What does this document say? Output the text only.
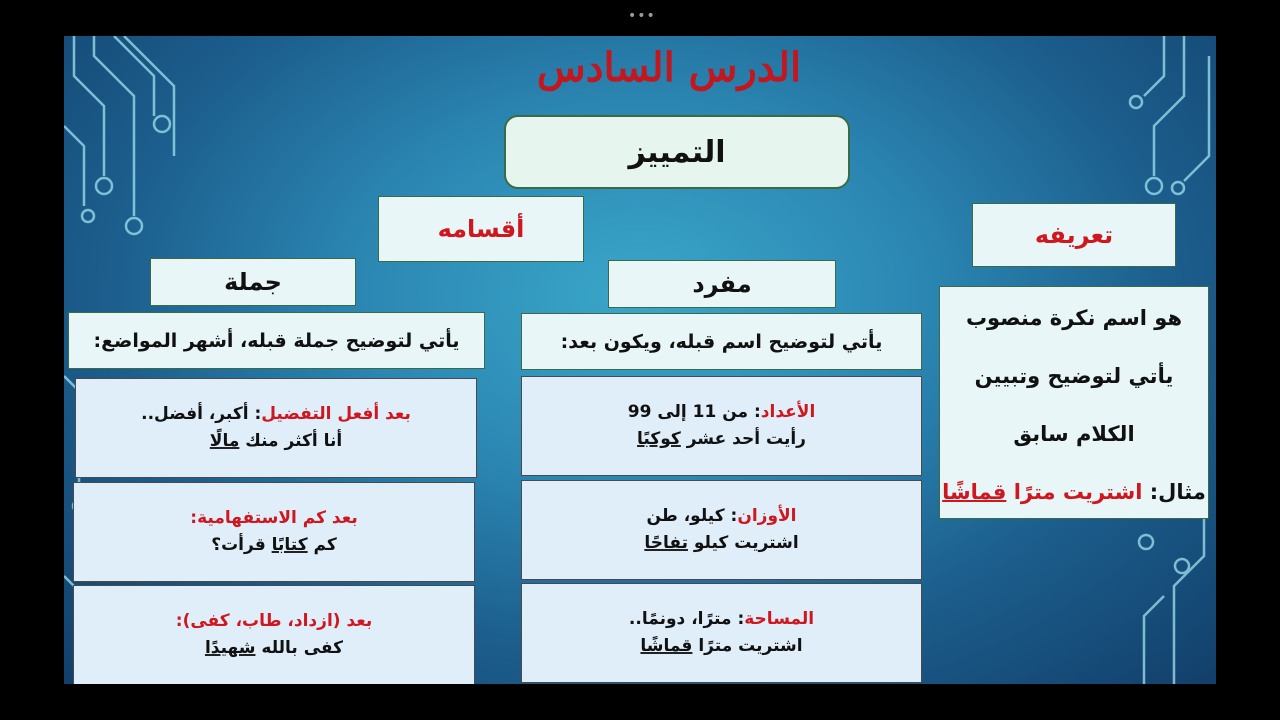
•••
الدرس السادس
التمييز
أقسامه	تعريفه
جملة	مفرد
هو اسم نكرة منصوب
يأتي لتوضيح وتبيين
الكلام سابق
مثال: اشتريت مترًا قماشًا
يأتي لتوضيح جملة قبله، أشهر المواضع:	يأتي لتوضيح اسم قبله، ويكون بعد:
الأعداد: من 11 إلى 99
رأيت أحد عشر كوكبًا
الأوزان: كيلو، طن
اشتريت كيلو تفاحًا
المساحة: مترًا، دونمًا..
اشتريت مترًا قماشًا
بعد أفعل التفضيل: أكبر، أفضل..
أنا أكثر منك مالًا
بعد كم الاستفهامية:
كم كتابًا قرأت؟
بعد (ازداد، طاب، كفى):
كفى بالله شهيدًا
